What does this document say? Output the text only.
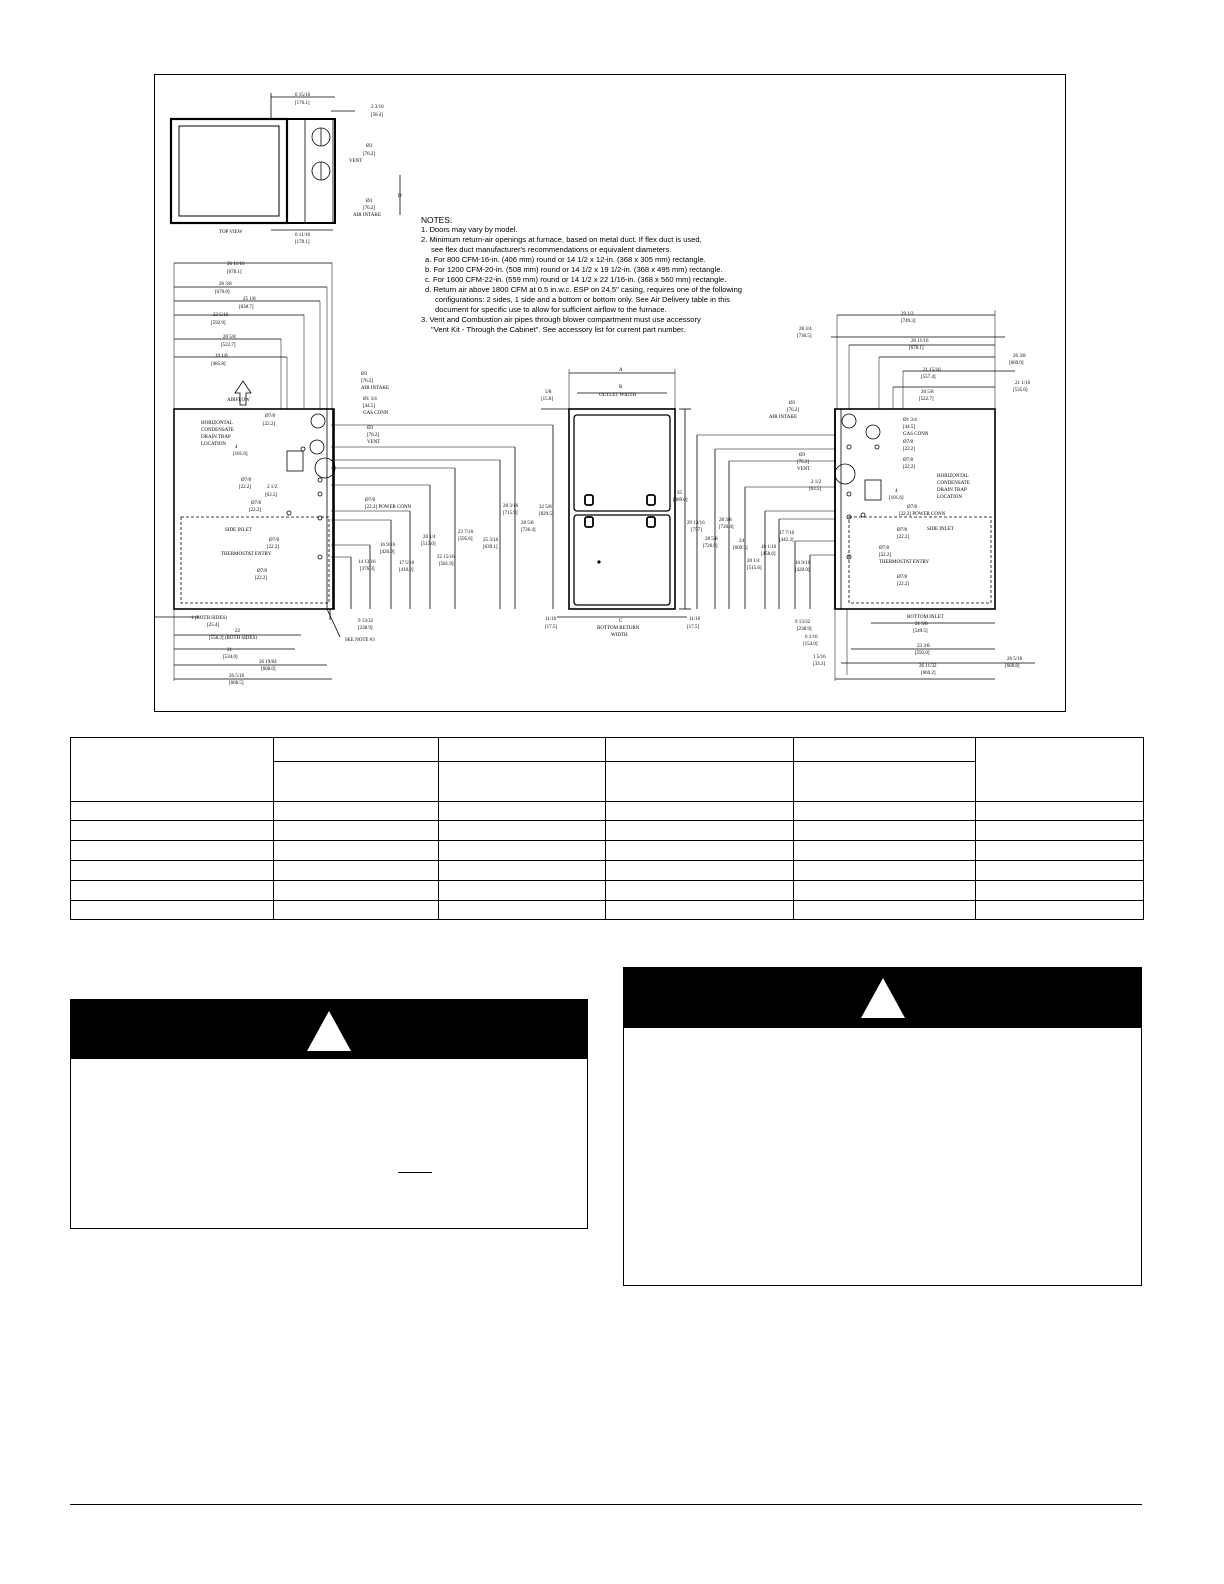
6 15/16
[176.1]
2 3/10
[58.4]
Ø3
[76.2]
VENT
D
Ø3
[76.2]
AIR INTAKE
TOP VIEW
6 11/16
[170.1]
26 11/16
[678.1]
26 3/8
[670.0]
25 1/8
[638.7]
23 5/16
[592.9]
20 5/8
[522.7]
19 1/8
[485.8]
AIRFLOW
Ø3
[76.2]
AIR INTAKE
Ø1 3/4
[44.5]
GAS CONN
Ø7/8
[22.2]
HORIZONTAL
CONDENSATE
DRAIN TRAP
LOCATION
Ø3
[76.2]
VENT
4
[101.6]
Ø7/8
[22.2]	2 1/2
[63.5]
Ø7/8
[22.2]
Ø7/8
[22.2] POWER CONN
SIDE INLET
Ø7/8
[22.2]
THERMOSTAT ENTRY
Ø7/8
[22.2]
14 13/16
[376.3]
16 9/16
[420.9]
17 5/16
[410.2]
20 1/4
[513.0]
22 15/16
[581.9]
23 7/16
[595.6] 25 3/16
[639.1]
28 3/16
[715.9]
28 5/8
[726.4]
32 5/8
[829.5]
1 (BOTH SIDES)
[25.4]
9 13/32
[238.9]
22
[558.3] (BOTH SIDES)	SEE NOTE #3
21
[534.0]
26 19/64
[668.0]
26 5/16
[668.5]
A
B
OUTLET WIDTH
5/8
[15.8]
35
[889.0]
11/16
[17.5]
C
BOTTOM RETURN
WIDTH
11/16
[17.5]
29 1/2
[749.3]
28 3/4
[730.5]
26 11/16
[678.1]
26 3/8
[669.9]
21 15/16
[557.4]
21 1/16
[535.0]
20 5/8
[522.7]
Ø3
[76.2]
AIR INTAKE
Ø1 3/4
[44.5]
GAS CONN
Ø7/8
[22.2]
Ø3
[76.2]
VENT
Ø7/8
[22.2]
HORIZONTAL
CONDENSATE
DRAIN TRAP
LOCATION
2 1/2
[63.5]	4
[101.6]
Ø7/8
[22.2] POWER CONN
SIDE INLET
Ø7/8
[22.2]
Ø7/8
[22.2]
THERMOSTAT ENTRY
Ø7/8
[22.2]
29 13/16
[757]
28 5/8
[726.9]
28 3/8
[720.4]
24
[609.5]
20 1/4
[515.6]
18 1/16
[458.6]
17 7/16
[442.3]
16 9/16
[420.9]
BOTTOM INLET
21 5/8
[549.5]
9 13/32
[238.9]
6 1/16
[154.0]	23 3/8
[592.0]
1 5/16
[33.3]
26 5/16
[668.8]
26 11/32
[669.2]
NOTES:
1. Doors may vary by model.
2. Minimum return-air openings at furnace, based on metal duct. If flex duct is used,
see flex duct manufacturer's recommendations or equivalent diameters.
a. For 800 CFM-16-in. (406 mm) round or 14 1/2 x 12-in. (368 x 305 mm) rectangle.
b. For 1200 CFM-20-in. (508 mm) round or 14 1/2 x 19 1/2-in. (368 x 495 mm) rectangle.
c. For 1600 CFM-22-in. (559 mm) round or 14 1/2 x 22 1/16-in. (368 x 560 mm) rectangle.
d. Return air above 1800 CFM at 0.5 in.w.c. ESP on 24.5" casing, requires one of the following
configurations: 2 sides, 1 side and a bottom or bottom only. See Air Delivery table in this
document for specific use to allow for sufficient airflow to the furnace.
3. Vent and Combustion air pipes through blower compartment must use accessory
"Vent Kit - Through the Cabinet". See accessory list for current part number.
